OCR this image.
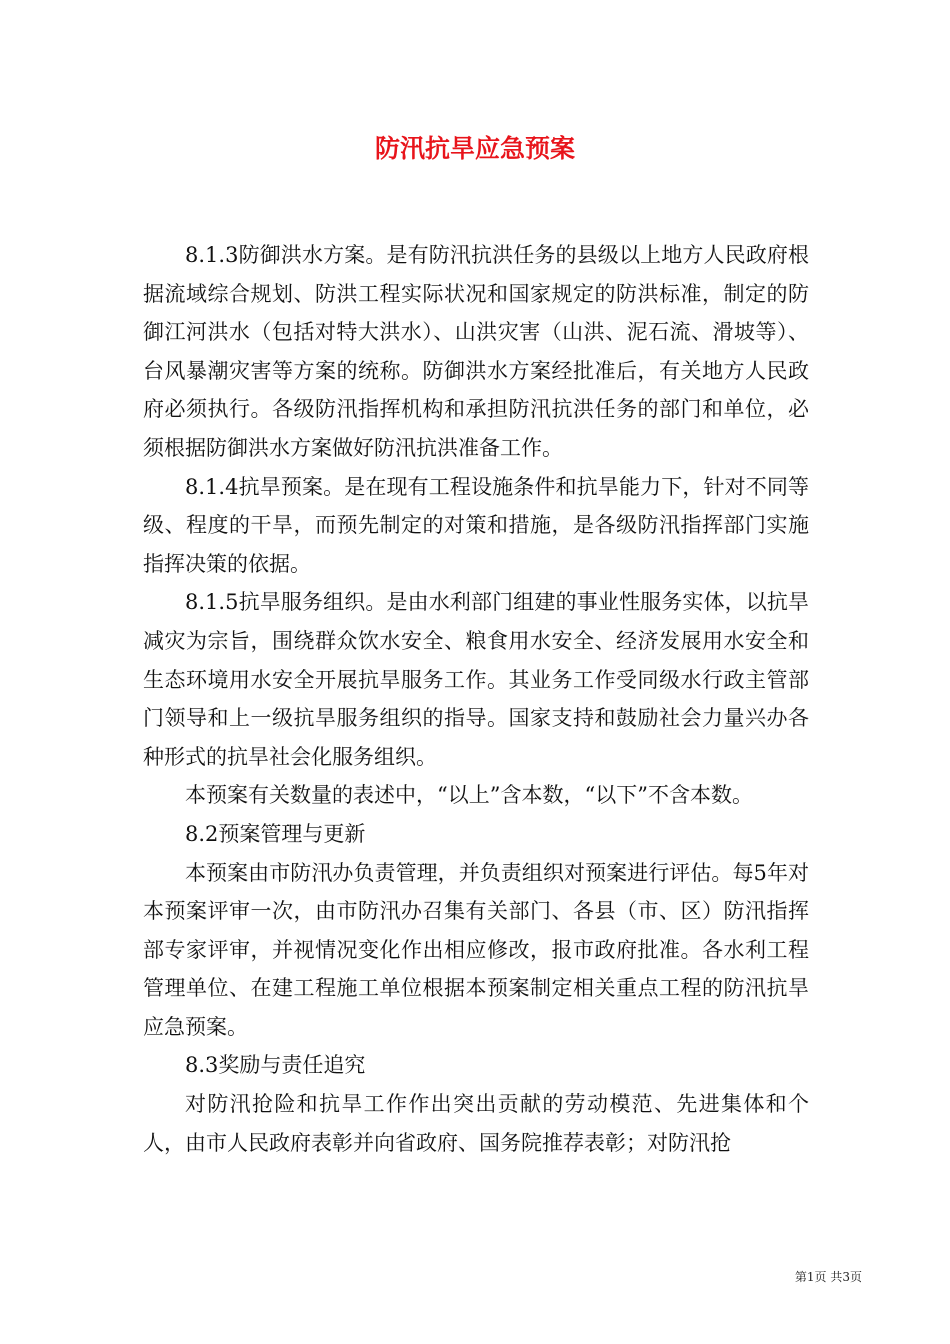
防汛抗旱应急预案

8.1.3防御洪水方案。是有防汛抗洪任务的县级以上地方人民政府根据流域综合规划、防洪工程实际状况和国家规定的防洪标准，制定的防御江河洪水（包括对特大洪水）、山洪灾害（山洪、泥石流、滑坡等）、台风暴潮灾害等方案的统称。防御洪水方案经批准后，有关地方人民政府必须执行。各级防汛指挥机构和承担防汛抗洪任务的部门和单位，必须根据防御洪水方案做好防汛抗洪准备工作。

8.1.4抗旱预案。是在现有工程设施条件和抗旱能力下，针对不同等级、程度的干旱，而预先制定的对策和措施，是各级防汛指挥部门实施指挥决策的依据。

8.1.5抗旱服务组织。是由水利部门组建的事业性服务实体，以抗旱减灾为宗旨，围绕群众饮水安全、粮食用水安全、经济发展用水安全和生态环境用水安全开展抗旱服务工作。其业务工作受同级水行政主管部门领导和上一级抗旱服务组织的指导。国家支持和鼓励社会力量兴办各种形式的抗旱社会化服务组织。

本预案有关数量的表述中，“以上”含本数，“以下”不含本数。

8.2预案管理与更新

本预案由市防汛办负责管理，并负责组织对预案进行评估。每5年对本预案评审一次，由市防汛办召集有关部门、各县（市、区）防汛指挥部专家评审，并视情况变化作出相应修改，报市政府批准。各水利工程管理单位、在建工程施工单位根据本预案制定相关重点工程的防汛抗旱应急预案。

8.3奖励与责任追究

对防汛抢险和抗旱工作作出突出贡献的劳动模范、先进集体和个人，由市人民政府表彰并向省政府、国务院推荐表彰；对防汛抢

第1页 共3页
